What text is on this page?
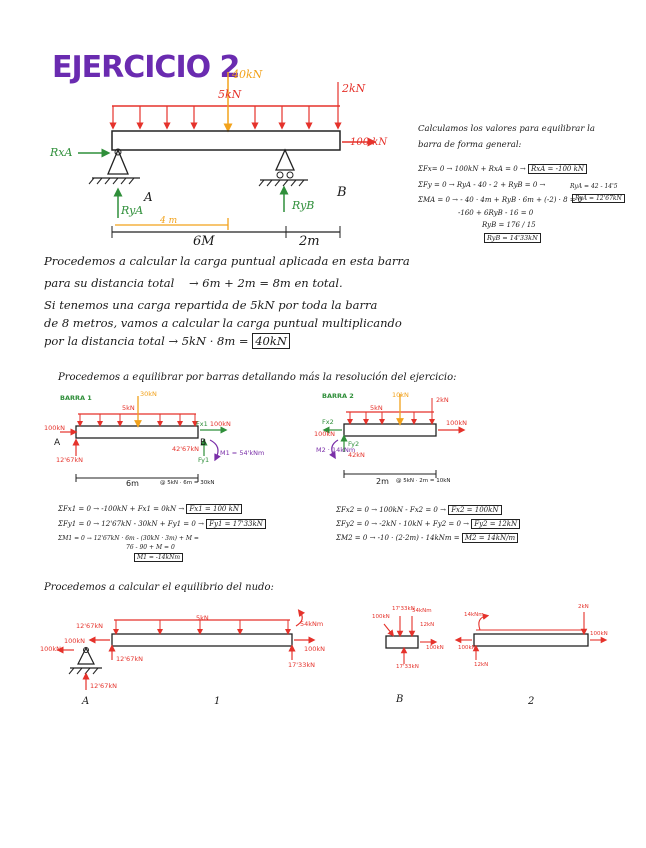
EJERCICIO 2
40kN
5kN	2kN
100 kN
RxA
RyA	RyB
A	B
4 m
6M	2m
Calculamos los valores para equilibrar la
barra de forma general:
ΣFx= 0 → 100kN + RxA = 0 → RxA = -100 kN
ΣFy = 0 → RyA - 40 - 2 + RyB = 0 →	RyA = 42 - 14'5
ΣMA = 0 → - 40 · 4m + RyB · 6m + (-2) · 8 = 0
RyA = 12'67kN
-160 + 6RyB - 16 = 0
RyB = 176 / 15
RyB = 14'33kN
Procedemos a calcular la carga puntual aplicada en esta barra
para su distancia total → 6m + 2m = 8m en total.
Si tenemos una carga repartida de 5kN por toda la barra
de 8 metros, vamos a calcular la carga puntual multiplicando
por la distancia total → 5kN · 8m = 40kN
Procedemos a equilibrar por barras detallando más la resolución del ejercicio:
BARRA 1	30kN
5kN
Fx1 100kN
100kN
A
12'67kN
B
42'67kN
Fy1
M1 = 54'kNm
6m	@ 5kN · 6m = 30kN
ΣFx1 = 0 → -100kN + Fx1 = 0kN → Fx1 = 100 kN
ΣFy1 = 0 → 12'67kN - 30kN + Fy1 = 0 → Fy1 = 17'33kN
ΣM1 = 0 → 12'67kN · 6m - (30kN · 3m) + M =
76 - 90 + M = 0
M1 = -14kNm
BARRA 2	10kN
5kN
2kN
100kN
Fx2
100kN
Fy2
42kN
M2 · 14kNm
2m @ 5kN · 2m = 10kN
ΣFx2 = 0 → 100kN - Fx2 = 0 → Fx2 = 100kN
ΣFy2 = 0 → -2kN - 10kN + Fy2 = 0 → Fy2 = 12kN
ΣM2 = 0 → -10 · (2·2m) - 14kNm = M2 = 14kN/m
Procedemos a calcular el equilibrio del nudo:
5kN
12'67kN
100kN
100kN
12'67kN
54kNm
100kN
17'33kN
12'67kN
A	1
100kN
17'33kN
54kNm
12kN
100kN
17'33kN
B
14kNm
2kN
100kN
100kN
12kN
2
